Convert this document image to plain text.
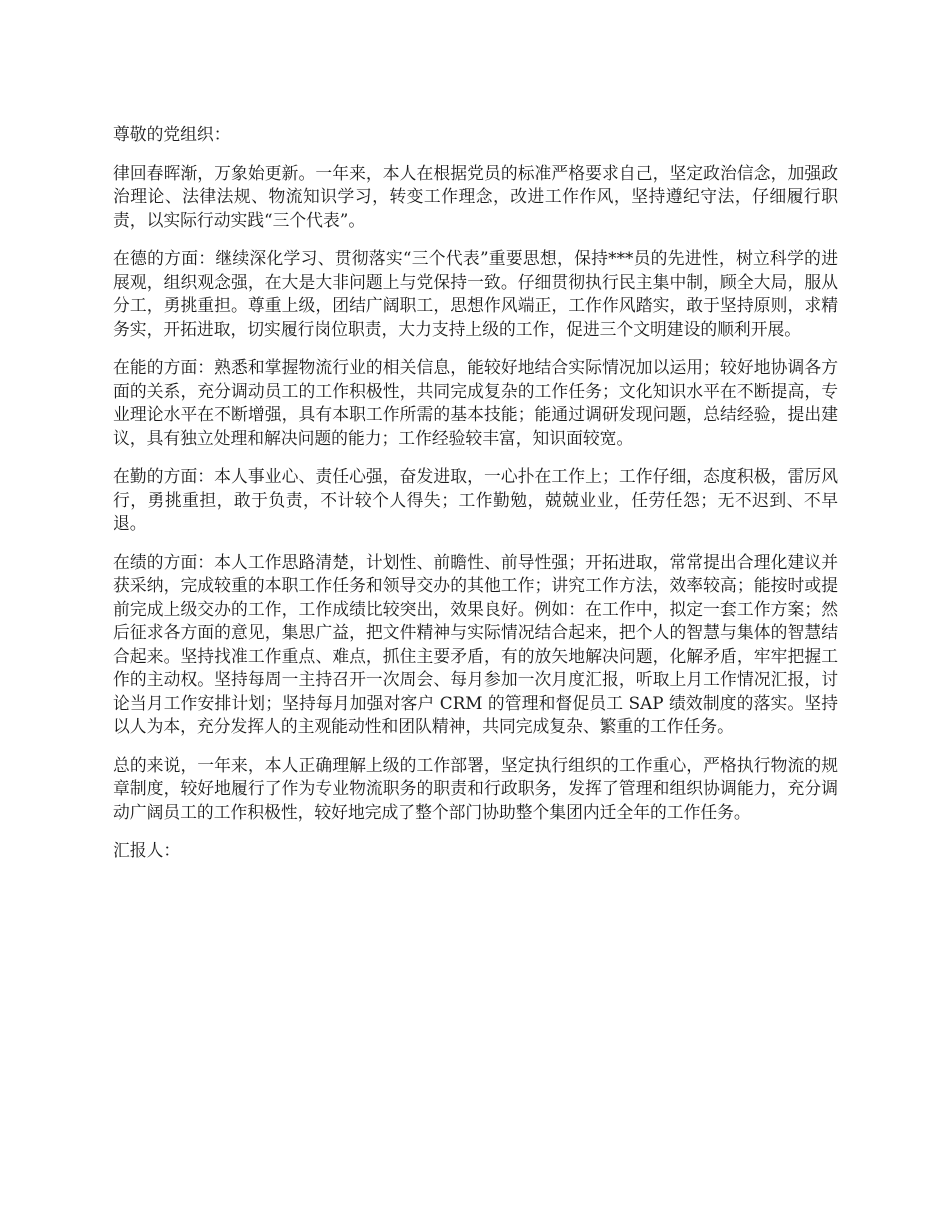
尊敬的党组织：

律回春晖渐，万象始更新。一年来，本人在根据党员的标准严格要求自己，坚定政治信念，加强政治理论、法律法规、物流知识学习，转变工作理念，改进工作作风，坚持遵纪守法，仔细履行职责，以实际行动实践“三个代表”。

在德的方面：继续深化学习、贯彻落实“三个代表”重要思想，保持***员的先进性，树立科学的进展观，组织观念强，在大是大非问题上与党保持一致。仔细贯彻执行民主集中制，顾全大局，服从分工，勇挑重担。尊重上级，团结广阔职工，思想作风端正，工作作风踏实，敢于坚持原则，求精务实，开拓进取，切实履行岗位职责，大力支持上级的工作，促进三个文明建设的顺利开展。

在能的方面：熟悉和掌握物流行业的相关信息，能较好地结合实际情况加以运用；较好地协调各方面的关系，充分调动员工的工作积极性，共同完成复杂的工作任务；文化知识水平在不断提高，专业理论水平在不断增强，具有本职工作所需的基本技能；能通过调研发现问题，总结经验，提出建议，具有独立处理和解决问题的能力；工作经验较丰富，知识面较宽。

在勤的方面：本人事业心、责任心强，奋发进取，一心扑在工作上；工作仔细，态度积极，雷厉风行，勇挑重担，敢于负责，不计较个人得失；工作勤勉，兢兢业业，任劳任怨；无不迟到、不早退。

在绩的方面：本人工作思路清楚，计划性、前瞻性、前导性强；开拓进取，常常提出合理化建议并获采纳，完成较重的本职工作任务和领导交办的其他工作；讲究工作方法，效率较高；能按时或提前完成上级交办的工作，工作成绩比较突出，效果良好。例如：在工作中，拟定一套工作方案；然后征求各方面的意见，集思广益，把文件精神与实际情况结合起来，把个人的智慧与集体的智慧结合起来。坚持找准工作重点、难点，抓住主要矛盾，有的放矢地解决问题，化解矛盾，牢牢把握工作的主动权。坚持每周一主持召开一次周会、每月参加一次月度汇报，听取上月工作情况汇报，讨论当月工作安排计划；坚持每月加强对客户 CRM 的管理和督促员工 SAP 绩效制度的落实。坚持以人为本，充分发挥人的主观能动性和团队精神，共同完成复杂、繁重的工作任务。

总的来说，一年来，本人正确理解上级的工作部署，坚定执行组织的工作重心，严格执行物流的规章制度，较好地履行了作为专业物流职务的职责和行政职务，发挥了管理和组织协调能力，充分调动广阔员工的工作积极性，较好地完成了整个部门协助整个集团内迁全年的工作任务。

汇报人：
